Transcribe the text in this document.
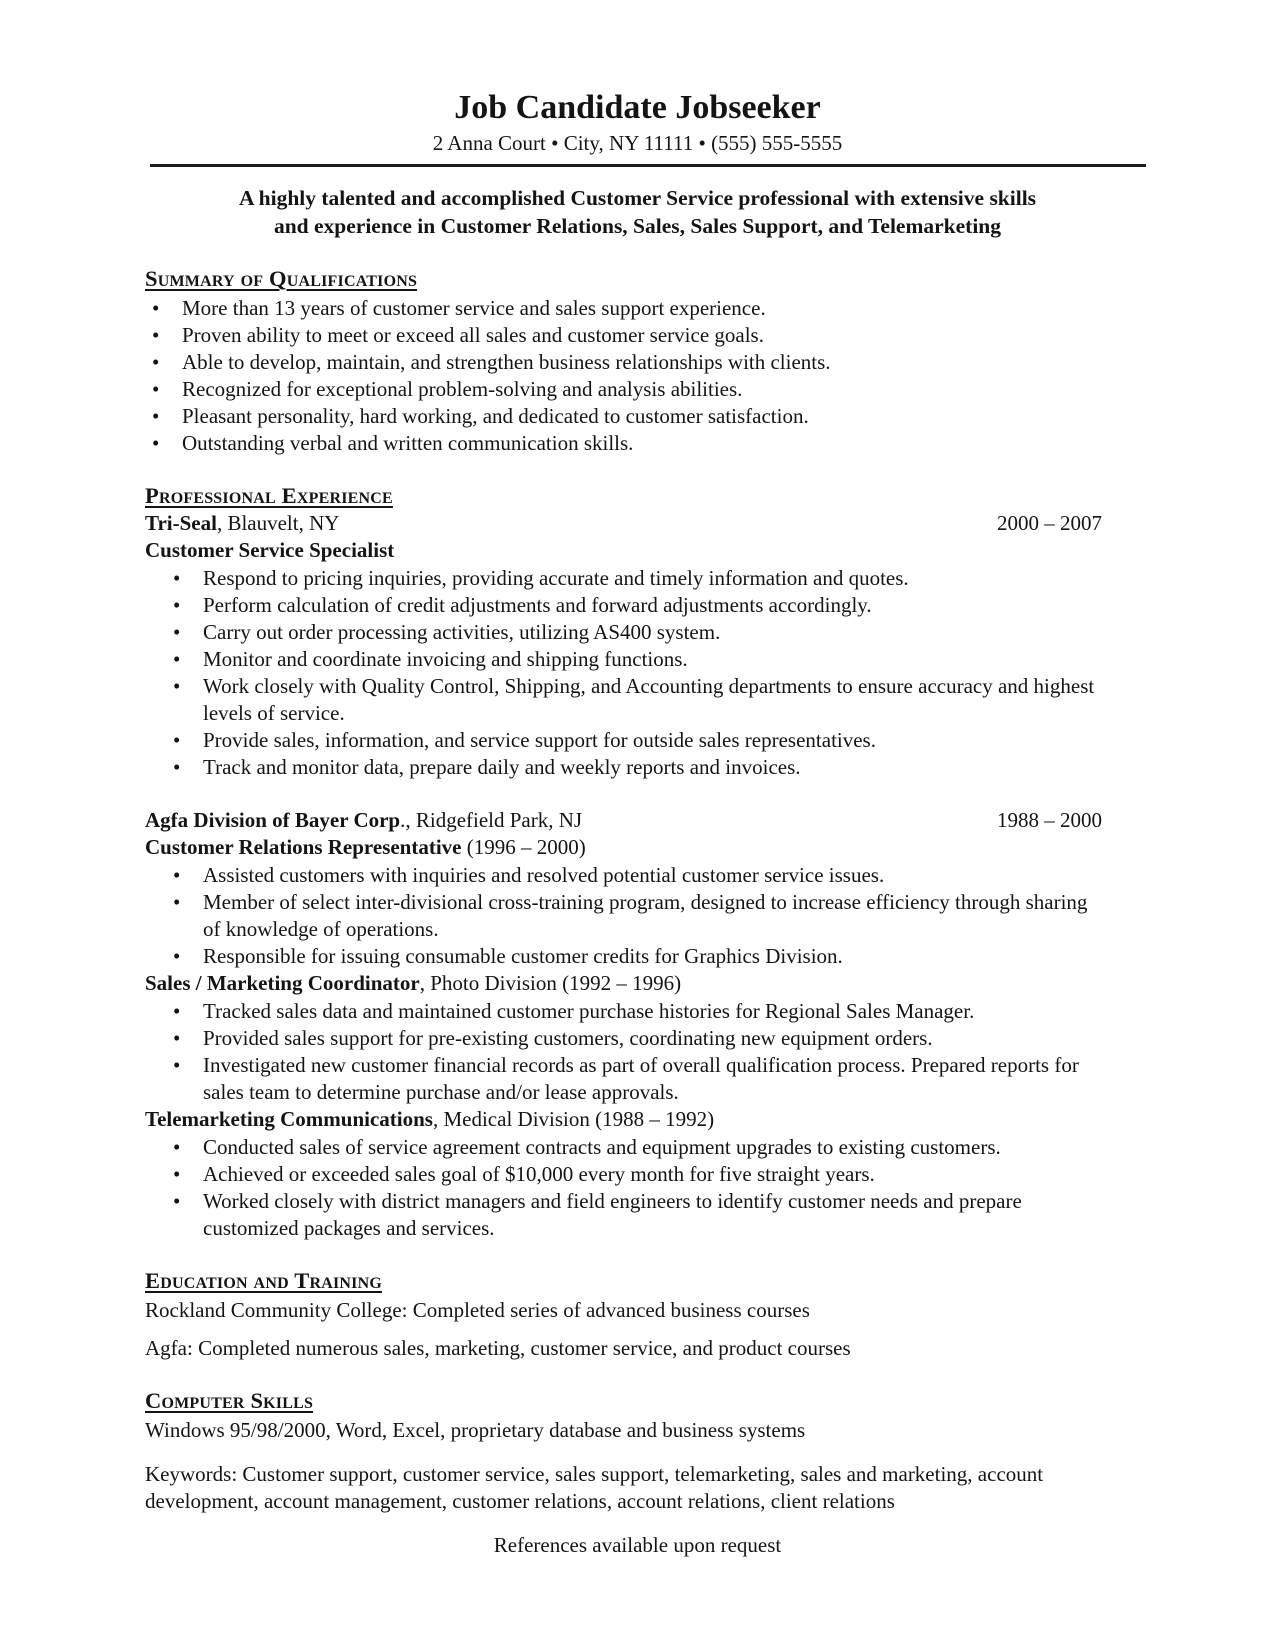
Job Candidate Jobseeker
2 Anna Court • City, NY 11111 • (555) 555-5555
A highly talented and accomplished Customer Service professional with extensive skills
and experience in Customer Relations, Sales, Sales Support, and Telemarketing
Summary of Qualifications
• More than 13 years of customer service and sales support experience.
• Proven ability to meet or exceed all sales and customer service goals.
• Able to develop, maintain, and strengthen business relationships with clients.
• Recognized for exceptional problem-solving and analysis abilities.
• Pleasant personality, hard working, and dedicated to customer satisfaction.
• Outstanding verbal and written communication skills.
Professional Experience
Tri-Seal, Blauvelt, NY	2000 – 2007
Customer Service Specialist
• Respond to pricing inquiries, providing accurate and timely information and quotes.
• Perform calculation of credit adjustments and forward adjustments accordingly.
• Carry out order processing activities, utilizing AS400 system.
• Monitor and coordinate invoicing and shipping functions.
• Work closely with Quality Control, Shipping, and Accounting departments to ensure accuracy and highest levels of service.
• Provide sales, information, and service support for outside sales representatives.
• Track and monitor data, prepare daily and weekly reports and invoices.
Agfa Division of Bayer Corp., Ridgefield Park, NJ	1988 – 2000
Customer Relations Representative (1996 – 2000)
• Assisted customers with inquiries and resolved potential customer service issues.
• Member of select inter-divisional cross-training program, designed to increase efficiency through sharing of knowledge of operations.
• Responsible for issuing consumable customer credits for Graphics Division.
Sales / Marketing Coordinator, Photo Division (1992 – 1996)
• Tracked sales data and maintained customer purchase histories for Regional Sales Manager.
• Provided sales support for pre-existing customers, coordinating new equipment orders.
• Investigated new customer financial records as part of overall qualification process. Prepared reports for sales team to determine purchase and/or lease approvals.
Telemarketing Communications, Medical Division (1988 – 1992)
• Conducted sales of service agreement contracts and equipment upgrades to existing customers.
• Achieved or exceeded sales goal of $10,000 every month for five straight years.
• Worked closely with district managers and field engineers to identify customer needs and prepare customized packages and services.
Education and Training

Rockland Community College: Completed series of advanced business courses

Agfa: Completed numerous sales, marketing, customer service, and product courses

Computer Skills

Windows 95/98/2000, Word, Excel, proprietary database and business systems

Keywords: Customer support, customer service, sales support, telemarketing, sales and marketing, account development, account management, customer relations, account relations, client relations

References available upon request
